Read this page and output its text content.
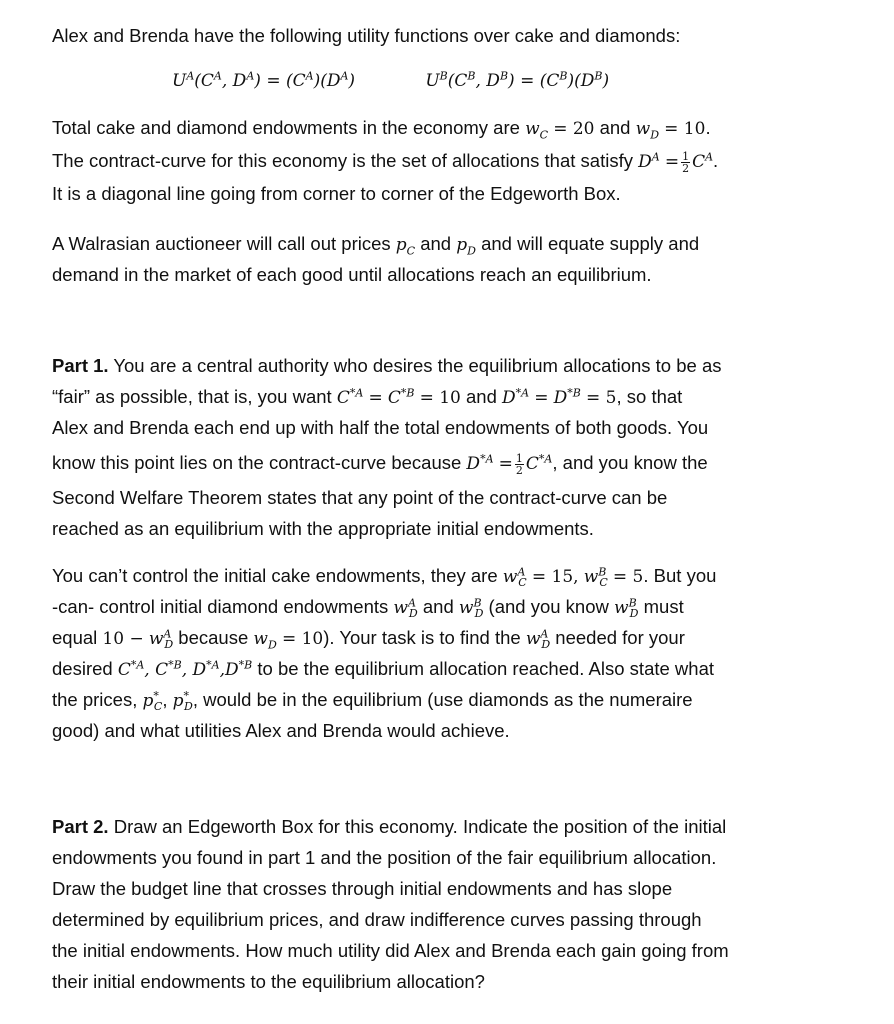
Alex and Brenda have the following utility functions over cake and diamonds:
$U^A(C^A$, $D^A) = (C^A)(D^A)$	$U^B(C^B$, $D^B) = (C^B)(D^B)$
Total cake and diamond endowments in the economy are $w_C = 20$ and $w_D = 10$.
The contract-curve for this economy is the set of allocations that satisfy $D^A = \frac{1}{2} C^A$.
It is a diagonal line going from corner to corner of the Edgeworth Box.
A Walrasian auctioneer will call out prices $p_C$ and $p_D$ and will equate supply and
demand in the market of each good until allocations reach an equilibrium.
Part 1. You are a central authority who desires the equilibrium allocations to be as
“fair” as possible, that is, you want $C^{*A} = C^{*B} = 10$ and $D^{*A} = D^{*B} = 5$, so that
Alex and Brenda each end up with half the total endowments of both goods. You
know this point lies on the contract-curve because $D^{*A} = \frac{1}{2} C^{*A}$, and you know the
Second Welfare Theorem states that any point of the contract-curve can be
reached as an equilibrium with the appropriate initial endowments.
You can’t control the initial cake endowments, they are $w^A_C = 15$, $w^B_C = 5$. But you
-can- control initial diamond endowments $w^A_D$ and $w^B_D$ (and you know $w^B_D$ must
equal $10 - w^A_D$ because $w_D = 10$). Your task is to find the $w^A_D$ needed for your
desired $C^{*A}$, $C^{*B}$, $D^{*A},D^{*B}$ to be the equilibrium allocation reached. Also state what
the prices, $p^*_C$, $p^*_D$, would be in the equilibrium (use diamonds as the numeraire
good) and what utilities Alex and Brenda would achieve.
Part 2. Draw an Edgeworth Box for this economy. Indicate the position of the initial
endowments you found in part 1 and the position of the fair equilibrium allocation.
Draw the budget line that crosses through initial endowments and has slope
determined by equilibrium prices, and draw indifference curves passing through
the initial endowments. How much utility did Alex and Brenda each gain going from
their initial endowments to the equilibrium allocation?
